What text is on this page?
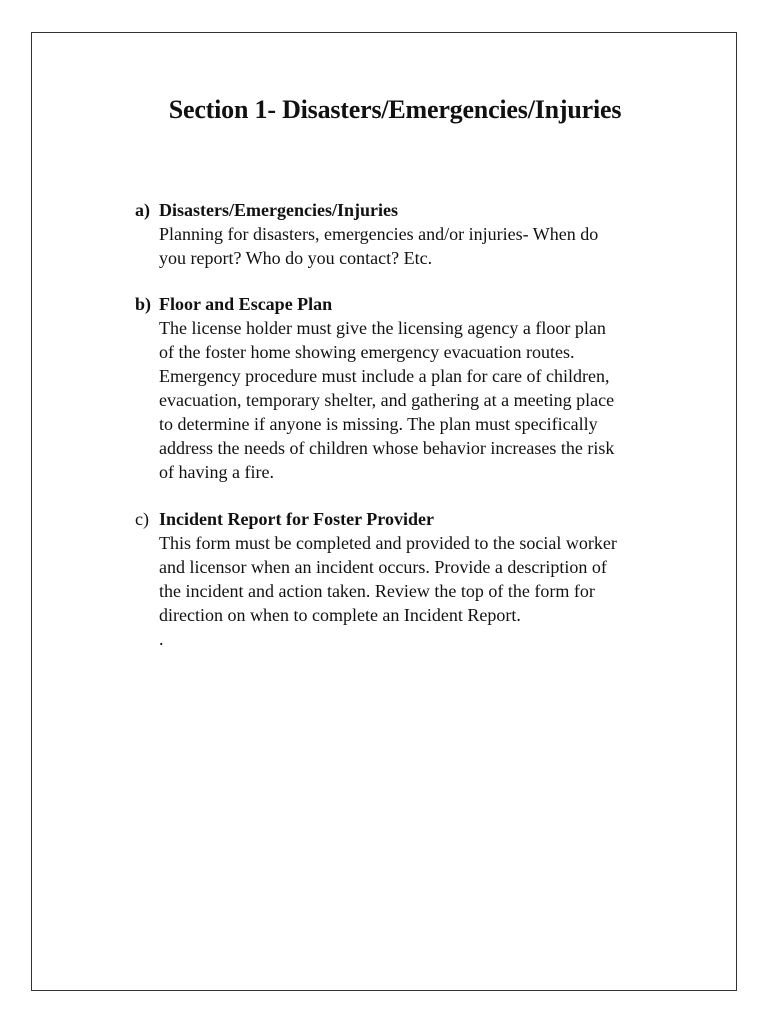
Section 1- Disasters/Emergencies/Injuries
a) Disasters/Emergencies/Injuries
Planning for disasters, emergencies and/or injuries- When do
you report? Who do you contact? Etc.
b) Floor and Escape Plan
The license holder must give the licensing agency a floor plan
of the foster home showing emergency evacuation routes.
Emergency procedure must include a plan for care of children,
evacuation, temporary shelter, and gathering at a meeting place
to determine if anyone is missing. The plan must specifically
address the needs of children whose behavior increases the risk
of having a fire.
c) Incident Report for Foster Provider
This form must be completed and provided to the social worker
and licensor when an incident occurs. Provide a description of
the incident and action taken. Review the top of the form for
direction on when to complete an Incident Report.
.
